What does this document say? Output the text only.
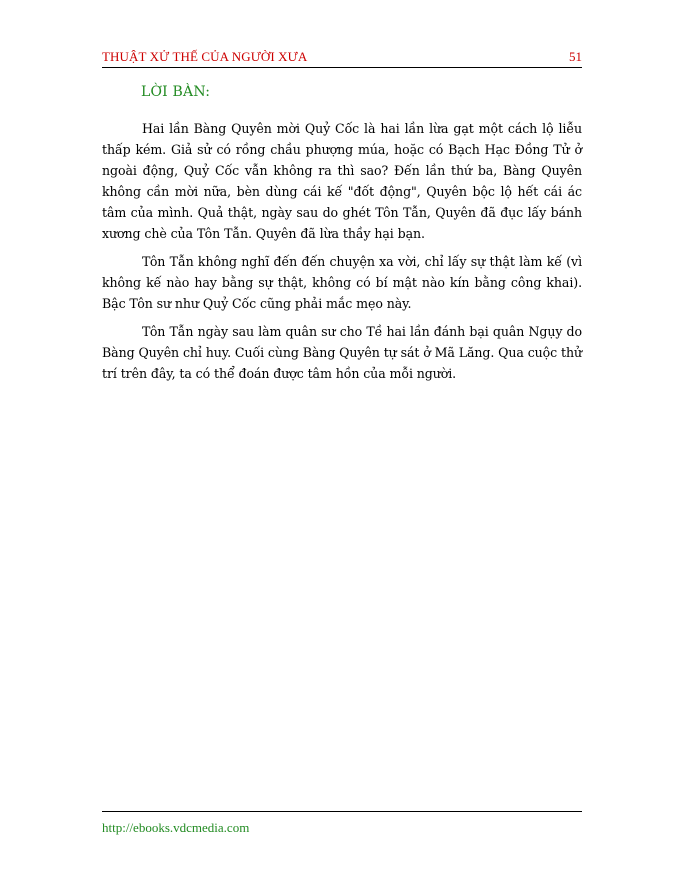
THUẬT XỬ THẾ CỦA NGƯỜI XƯA	51
LỜI BÀN:

Hai lần Bàng Quyên mời Quỷ Cốc là hai lần lừa gạt một cách lộ liễu thấp kém. Giả sử có rồng chầu phượng múa, hoặc có Bạch Hạc Đồng Tử ở ngoài động, Quỷ Cốc vẫn không ra thì sao? Đến lần thứ ba, Bàng Quyên không cần mời nữa, bèn dùng cái kế "đốt động", Quyên bộc lộ hết cái ác tâm của mình. Quả thật, ngày sau do ghét Tôn Tẫn, Quyên đã đục lấy bánh xương chè của Tôn Tẫn. Quyên đã lừa thầy hại bạn.

Tôn Tẫn không nghĩ đến đến chuyện xa vời, chỉ lấy sự thật làm kế (vì không kế nào hay bằng sự thật, không có bí mật nào kín bằng công khai). Bậc Tôn sư như Quỷ Cốc cũng phải mắc mẹo này.

Tôn Tẫn ngày sau làm quân sư cho Tề hai lần đánh bại quân Ngụy do Bàng Quyên chỉ huy. Cuối cùng Bàng Quyên tự sát ở Mã Lăng. Qua cuộc thử trí trên đây, ta có thể đoán được tâm hồn của mỗi người.

http://ebooks.vdcmedia.com
